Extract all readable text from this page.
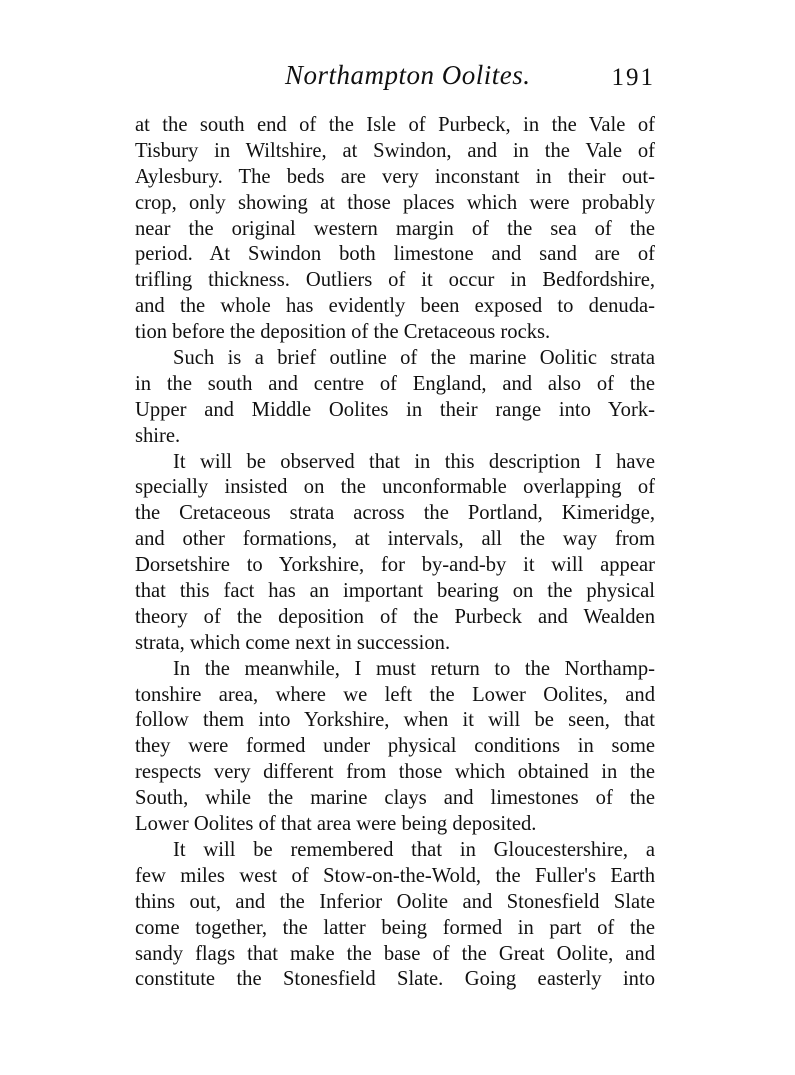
Northampton Oolites.	191
at the south end of the Isle of Purbeck, in the Vale of
Tisbury in Wiltshire, at Swindon, and in the Vale of
Aylesbury. The beds are very inconstant in their out-
crop, only showing at those places which were probably
near the original western margin of the sea of the
period. At Swindon both limestone and sand are of
trifling thickness. Outliers of it occur in Bedfordshire,
and the whole has evidently been exposed to denuda-
tion before the deposition of the Cretaceous rocks.
Such is a brief outline of the marine Oolitic strata
in the south and centre of England, and also of the
Upper and Middle Oolites in their range into York-
shire.
It will be observed that in this description I have
specially insisted on the unconformable overlapping of
the Cretaceous strata across the Portland, Kimeridge,
and other formations, at intervals, all the way from
Dorsetshire to Yorkshire, for by-and-by it will appear
that this fact has an important bearing on the physical
theory of the deposition of the Purbeck and Wealden
strata, which come next in succession.
In the meanwhile, I must return to the Northamp-
tonshire area, where we left the Lower Oolites, and
follow them into Yorkshire, when it will be seen, that
they were formed under physical conditions in some
respects very different from those which obtained in the
South, while the marine clays and limestones of the
Lower Oolites of that area were being deposited.
It will be remembered that in Gloucestershire, a
few miles west of Stow-on-the-Wold, the Fuller's Earth
thins out, and the Inferior Oolite and Stonesfield Slate
come together, the latter being formed in part of the
sandy flags that make the base of the Great Oolite, and
constitute the Stonesfield Slate. Going easterly into
